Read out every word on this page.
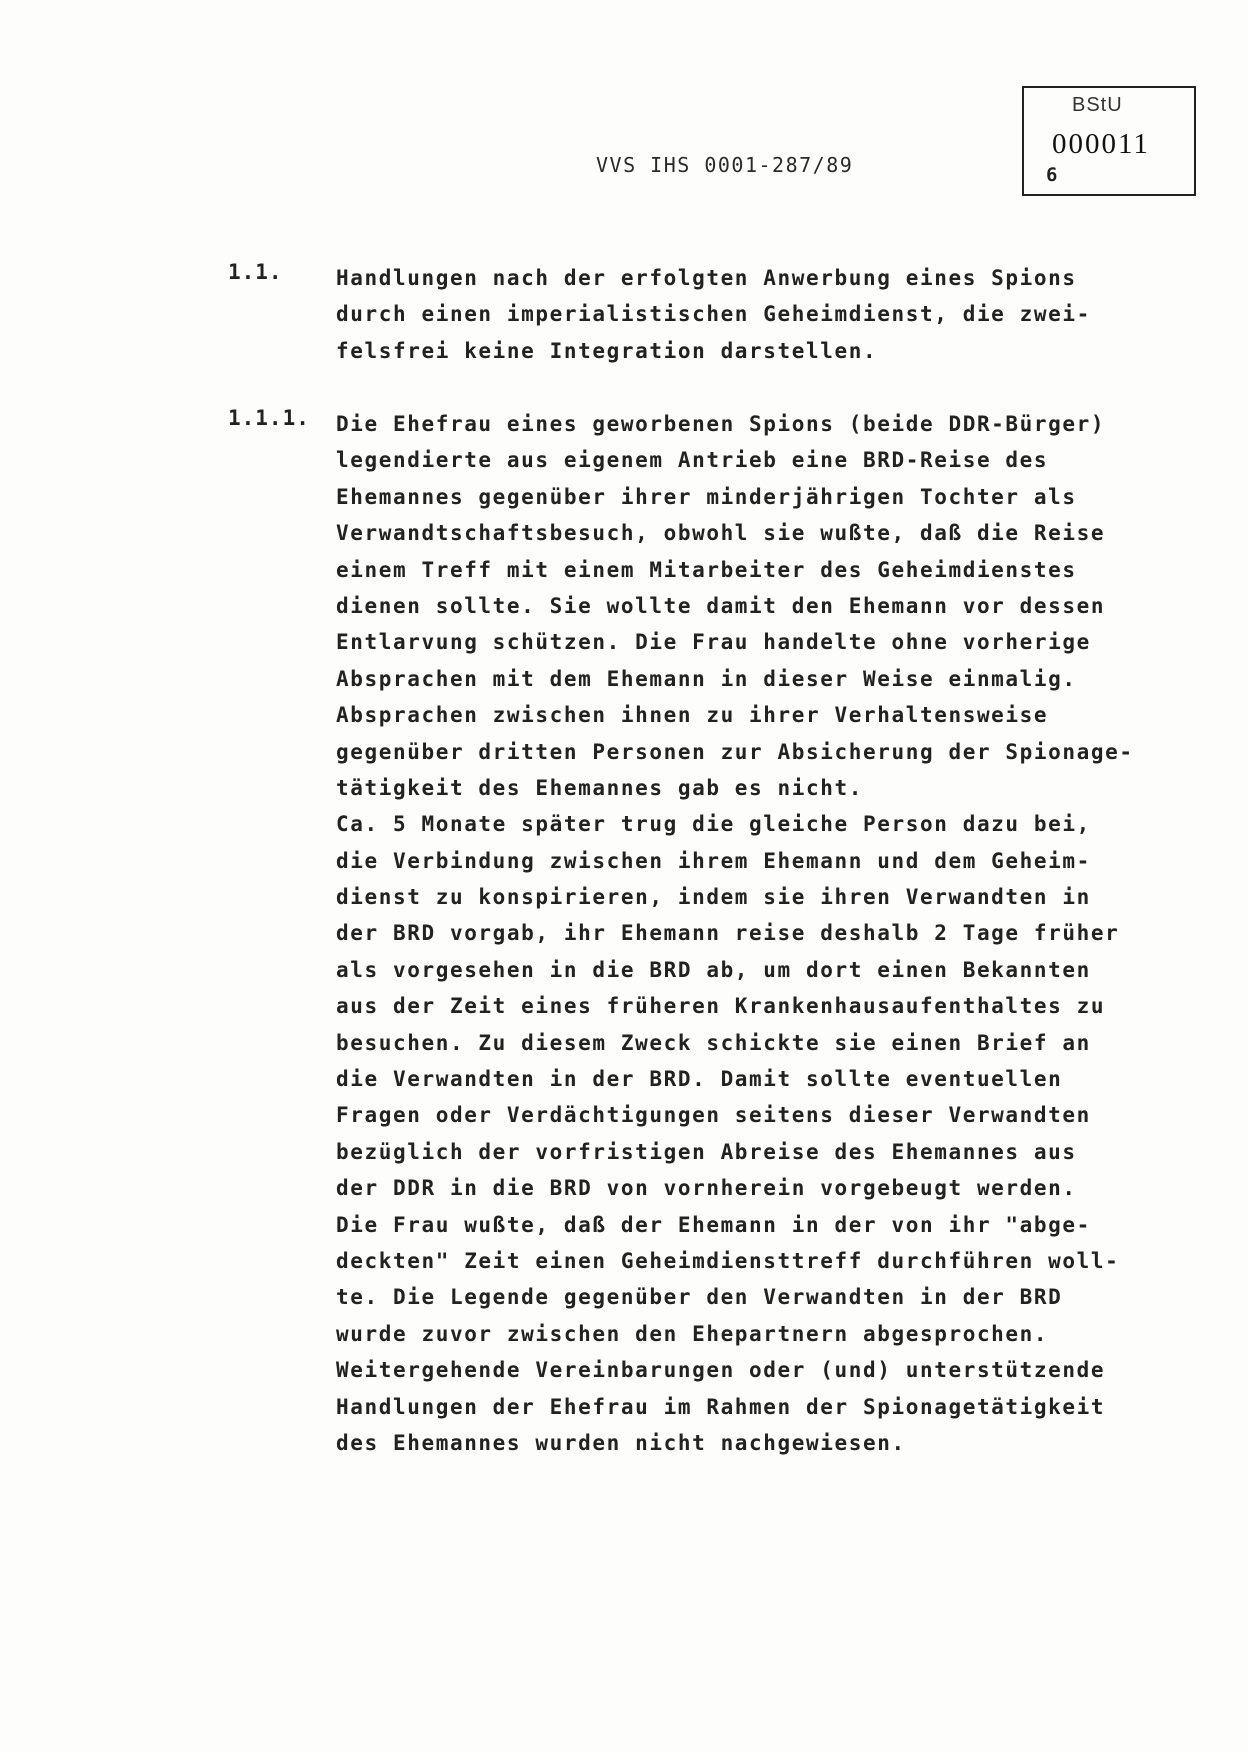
BStU
000011
6
VVS IHS 0001-287/89
1.1.	Handlungen nach der erfolgten Anwerbung eines Spions
durch einen imperialistischen Geheimdienst, die zwei-
felsfrei keine Integration darstellen.
1.1.1. Die Ehefrau eines geworbenen Spions (beide DDR-Bürger)
legendierte aus eigenem Antrieb eine BRD-Reise des
Ehemannes gegenüber ihrer minderjährigen Tochter als
Verwandtschaftsbesuch, obwohl sie wußte, daß die Reise
einem Treff mit einem Mitarbeiter des Geheimdienstes
dienen sollte. Sie wollte damit den Ehemann vor dessen
Entlarvung schützen. Die Frau handelte ohne vorherige
Absprachen mit dem Ehemann in dieser Weise einmalig.
Absprachen zwischen ihnen zu ihrer Verhaltensweise
gegenüber dritten Personen zur Absicherung der Spionage-
tätigkeit des Ehemannes gab es nicht.
Ca. 5 Monate später trug die gleiche Person dazu bei,
die Verbindung zwischen ihrem Ehemann und dem Geheim-
dienst zu konspirieren, indem sie ihren Verwandten in
der BRD vorgab, ihr Ehemann reise deshalb 2 Tage früher
als vorgesehen in die BRD ab, um dort einen Bekannten
aus der Zeit eines früheren Krankenhausaufenthaltes zu
besuchen. Zu diesem Zweck schickte sie einen Brief an
die Verwandten in der BRD. Damit sollte eventuellen
Fragen oder Verdächtigungen seitens dieser Verwandten
bezüglich der vorfristigen Abreise des Ehemannes aus
der DDR in die BRD von vornherein vorgebeugt werden.
Die Frau wußte, daß der Ehemann in der von ihr "abge-
deckten" Zeit einen Geheimdiensttreff durchführen woll-
te. Die Legende gegenüber den Verwandten in der BRD
wurde zuvor zwischen den Ehepartnern abgesprochen.
Weitergehende Vereinbarungen oder (und) unterstützende
Handlungen der Ehefrau im Rahmen der Spionagetätigkeit
des Ehemannes wurden nicht nachgewiesen.
